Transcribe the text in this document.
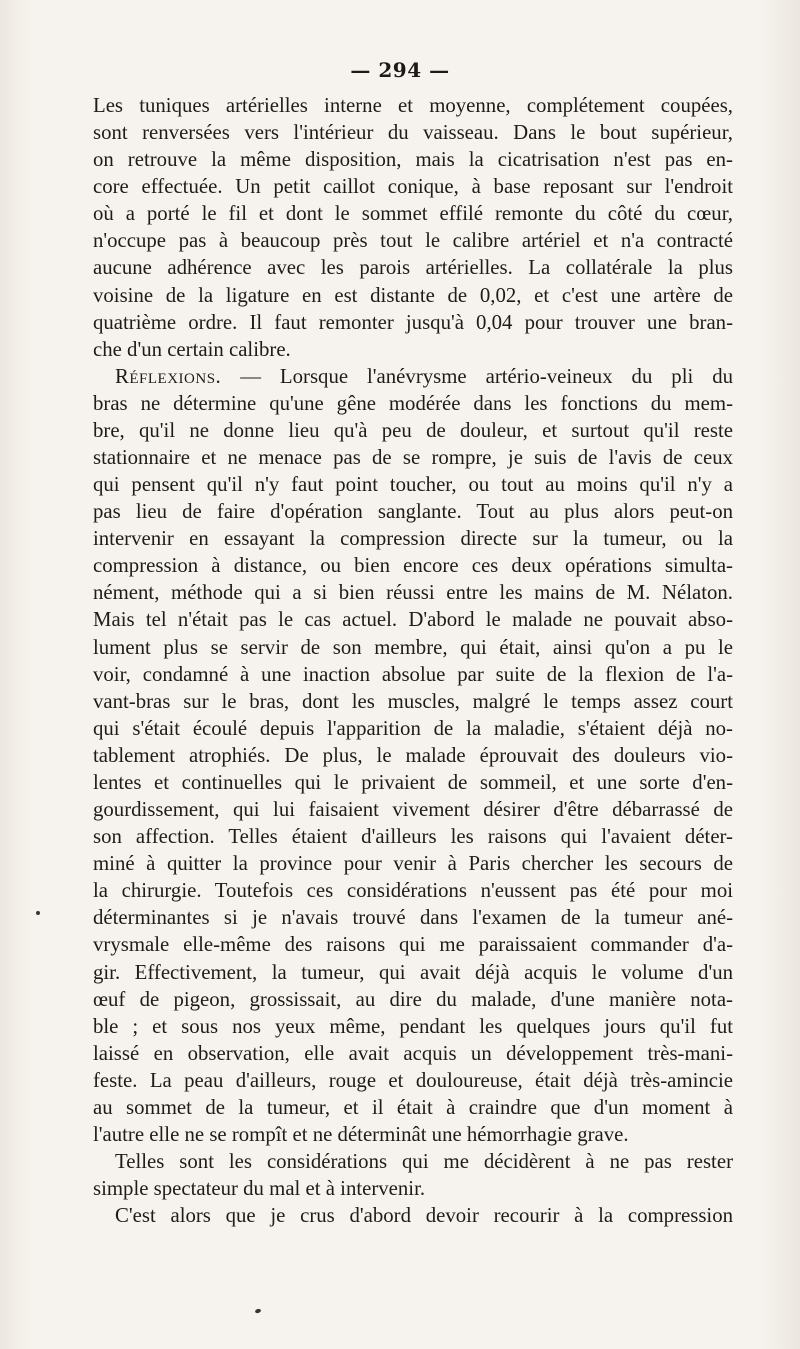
— 294 —
Les tuniques artérielles interne et moyenne, complétement coupées,
sont renversées vers l'intérieur du vaisseau. Dans le bout supérieur,
on retrouve la même disposition, mais la cicatrisation n'est pas en-
core effectuée. Un petit caillot conique, à base reposant sur l'endroit
où a porté le fil et dont le sommet effilé remonte du côté du cœur,
n'occupe pas à beaucoup près tout le calibre artériel et n'a contracté
aucune adhérence avec les parois artérielles. La collatérale la plus
voisine de la ligature en est distante de 0,02, et c'est une artère de
quatrième ordre. Il faut remonter jusqu'à 0,04 pour trouver une bran-
che d'un certain calibre.
Réflexions. — Lorsque l'anévrysme artério-veineux du pli du
bras ne détermine qu'une gêne modérée dans les fonctions du mem-
bre, qu'il ne donne lieu qu'à peu de douleur, et surtout qu'il reste
stationnaire et ne menace pas de se rompre, je suis de l'avis de ceux
qui pensent qu'il n'y faut point toucher, ou tout au moins qu'il n'y a
pas lieu de faire d'opération sanglante. Tout au plus alors peut-on
intervenir en essayant la compression directe sur la tumeur, ou la
compression à distance, ou bien encore ces deux opérations simulta-
nément, méthode qui a si bien réussi entre les mains de M. Nélaton.
Mais tel n'était pas le cas actuel. D'abord le malade ne pouvait abso-
lument plus se servir de son membre, qui était, ainsi qu'on a pu le
voir, condamné à une inaction absolue par suite de la flexion de l'a-
vant-bras sur le bras, dont les muscles, malgré le temps assez court
qui s'était écoulé depuis l'apparition de la maladie, s'étaient déjà no-
tablement atrophiés. De plus, le malade éprouvait des douleurs vio-
lentes et continuelles qui le privaient de sommeil, et une sorte d'en-
gourdissement, qui lui faisaient vivement désirer d'être débarrassé de
son affection. Telles étaient d'ailleurs les raisons qui l'avaient déter-
miné à quitter la province pour venir à Paris chercher les secours de
la chirurgie. Toutefois ces considérations n'eussent pas été pour moi
déterminantes si je n'avais trouvé dans l'examen de la tumeur ané-
vrysmale elle-même des raisons qui me paraissaient commander d'a-
gir. Effectivement, la tumeur, qui avait déjà acquis le volume d'un
œuf de pigeon, grossissait, au dire du malade, d'une manière nota-
ble ; et sous nos yeux même, pendant les quelques jours qu'il fut
laissé en observation, elle avait acquis un développement très-mani-
feste. La peau d'ailleurs, rouge et douloureuse, était déjà très-amincie
au sommet de la tumeur, et il était à craindre que d'un moment à
l'autre elle ne se rompît et ne déterminât une hémorrhagie grave.
Telles sont les considérations qui me décidèrent à ne pas rester
simple spectateur du mal et à intervenir.
C'est alors que je crus d'abord devoir recourir à la compression
